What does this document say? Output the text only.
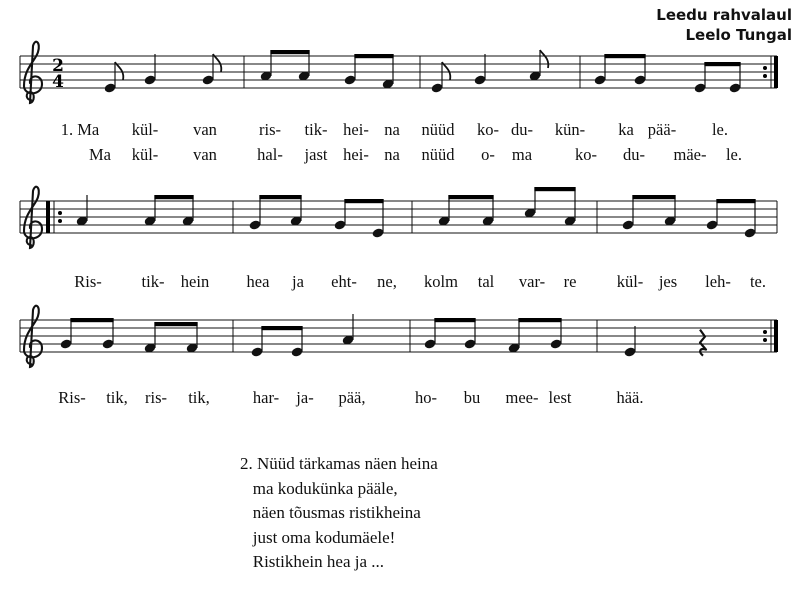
Leedu rahvalaul
Leelo Tungal
2
4
1. Ma kül- van	ris- tik- hei- na nüüd ko- du- kün- ka pää- le.
Ma kül- van hal- jast hei- na nüüd o- ma	ko- du- mäe- le.
Ris- tik- hein hea ja eht- ne, kolm tal var- re kül- jes leh- te.
Ris- tik, ris- tik,	har- ja- pää,	ho- bu mee- lest	hää.
2. Nüüd tärkamas näen heina
ma kodukünka pääle,
näen tõusmas ristikheina
just oma kodumäele!
Ristikhein hea ja ...
